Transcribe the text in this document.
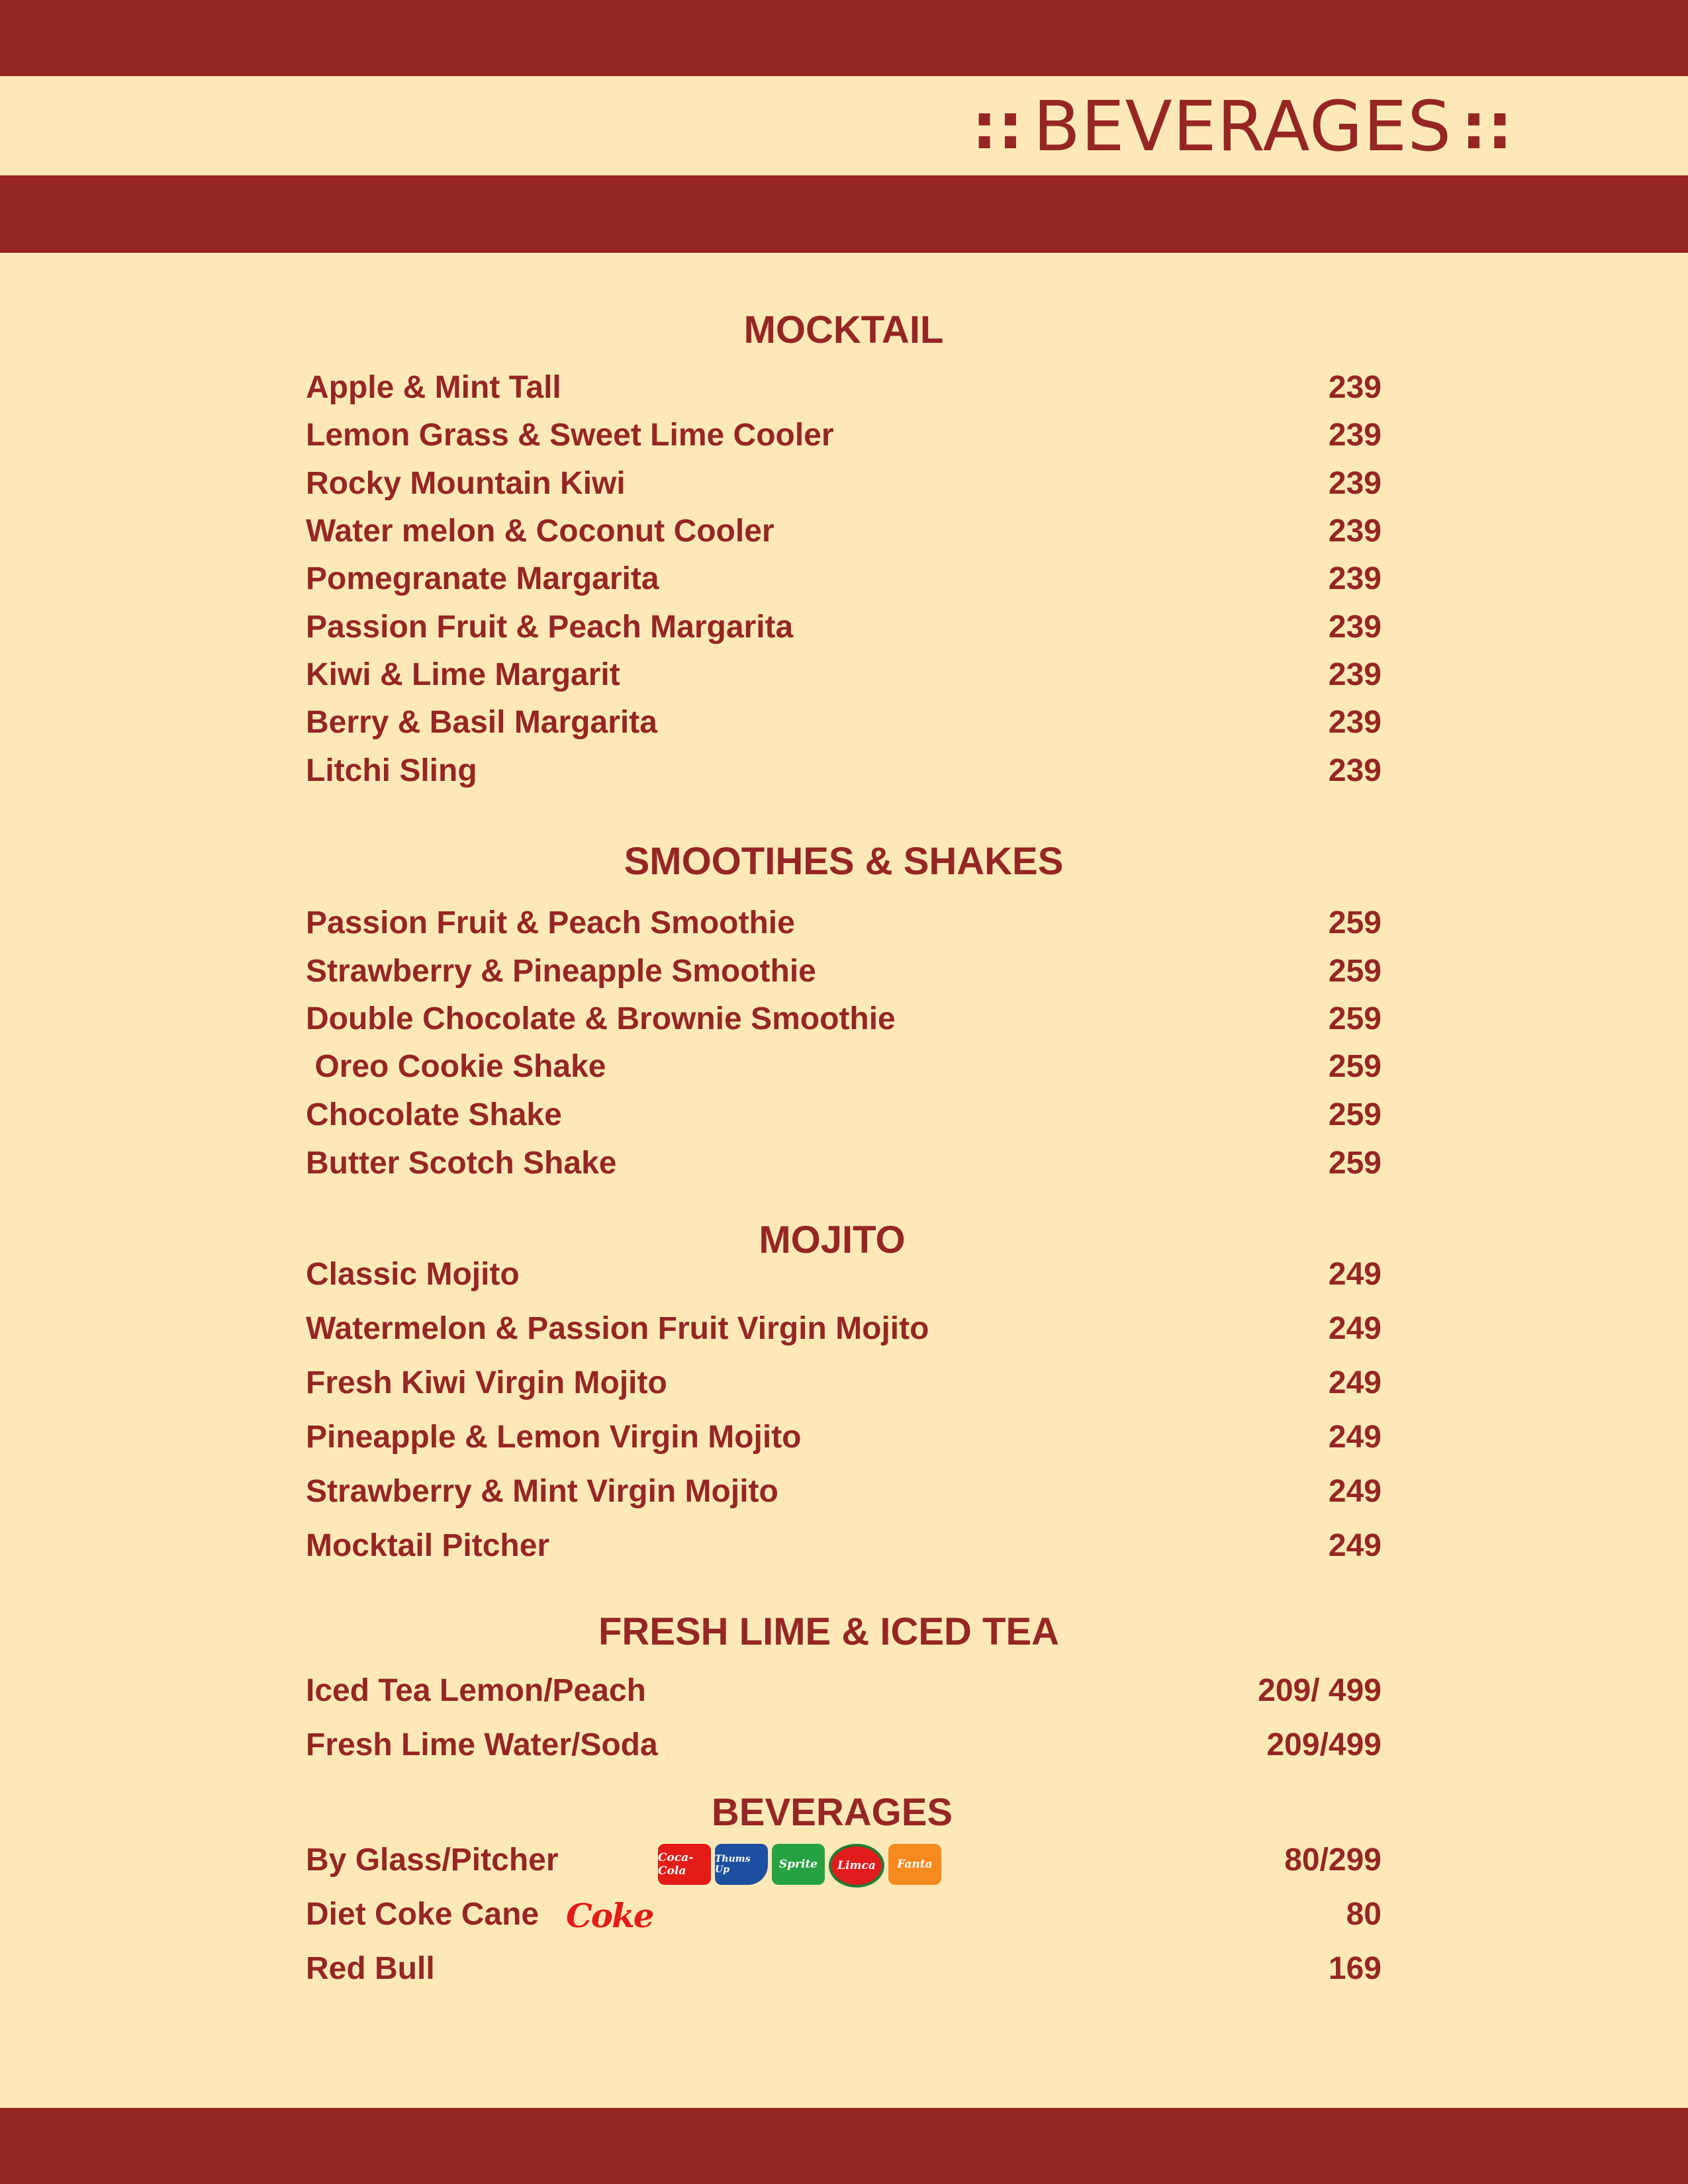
:: BEVERAGES ::
MOCKTAIL
Apple & Mint Tall	239
Lemon Grass & Sweet Lime Cooler	239
Rocky Mountain Kiwi	239
Water melon & Coconut Cooler	239
Pomegranate Margarita	239
Passion Fruit & Peach Margarita	239
Kiwi & Lime Margarit	239
Berry & Basil Margarita	239
Litchi Sling	239
SMOOTIHES & SHAKES
Passion Fruit & Peach Smoothie	259
Strawberry & Pineapple Smoothie	259
Double Chocolate & Brownie Smoothie	259
Oreo Cookie Shake	259
Chocolate Shake	259
Butter Scotch Shake	259
MOJITO
Classic Mojito	249
Watermelon & Passion Fruit Virgin Mojito	249
Fresh Kiwi Virgin Mojito	249
Pineapple & Lemon Virgin Mojito	249
Strawberry & Mint Virgin Mojito	249
Mocktail Pitcher	249
FRESH LIME & ICED TEA
Iced Tea Lemon/Peach	209/ 499
Fresh Lime Water/Soda	209/499
BEVERAGES
By Glass/Pitcher	80/299
Diet Coke Cane	80
Red Bull	169
Coca-Cola
Thums Up	Sprite Limca Fanta
Coke
